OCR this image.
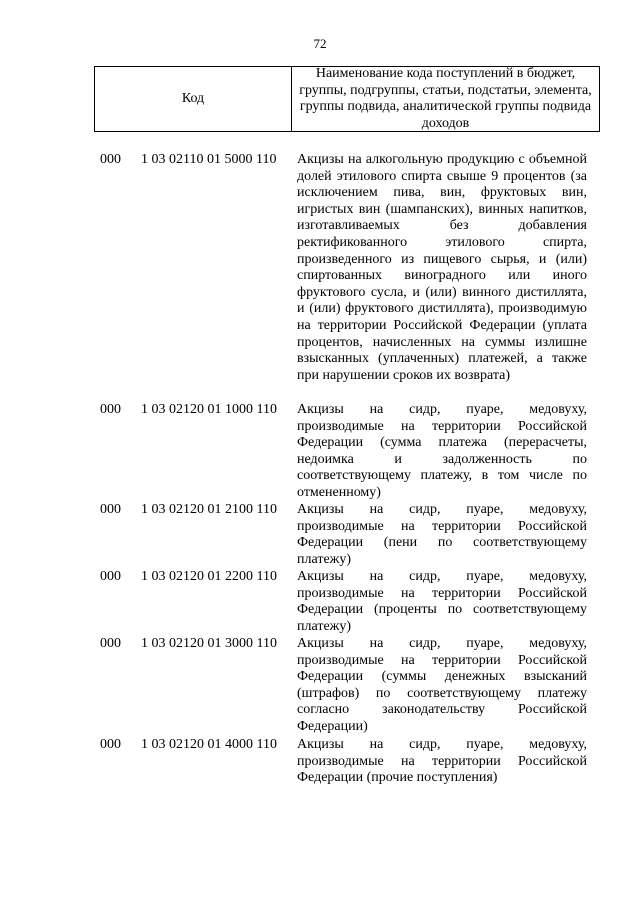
72
Код
Наименование кода поступлений в бюджет, группы, подгруппы, статьи, подстатьи, элемента, группы подвида, аналитической группы подвида доходов
000 1 03 02110 01 5000 110 Акцизы на алкогольную продукцию с объемной долей этилового спирта свыше 9 процентов (за исключением пива, вин, фруктовых вин, игристых вин (шампанских), винных напитков, изготавливаемых без добавления ректификованного этилового спирта, произведенного из пищевого сырья, и (или) спиртованных виноградного или иного фруктового сусла, и (или) винного дистиллята, и (или) фруктового дистиллята), производимую на территории Российской Федерации (уплата процентов, начисленных на суммы излишне взысканных (уплаченных) платежей, а также при нарушении сроков их возврата)
000 1 03 02120 01 1000 110 Акцизы на сидр, пуаре, медовуху, производимые на территории Российской Федерации (сумма платежа (перерасчеты, недоимка и задолженность по соответствующему платежу, в том числе по отмененному)
000 1 03 02120 01 2100 110 Акцизы на сидр, пуаре, медовуху, производимые на территории Российской Федерации (пени по соответствующему платежу)
000 1 03 02120 01 2200 110 Акцизы на сидр, пуаре, медовуху, производимые на территории Российской Федерации (проценты по соответствующему платежу)
000 1 03 02120 01 3000 110 Акцизы на сидр, пуаре, медовуху, производимые на территории Российской Федерации (суммы денежных взысканий (штрафов) по соответствующему платежу согласно законодательству Российской Федерации)
000 1 03 02120 01 4000 110 Акцизы на сидр, пуаре, медовуху, производимые на территории Российской Федерации (прочие поступления)
